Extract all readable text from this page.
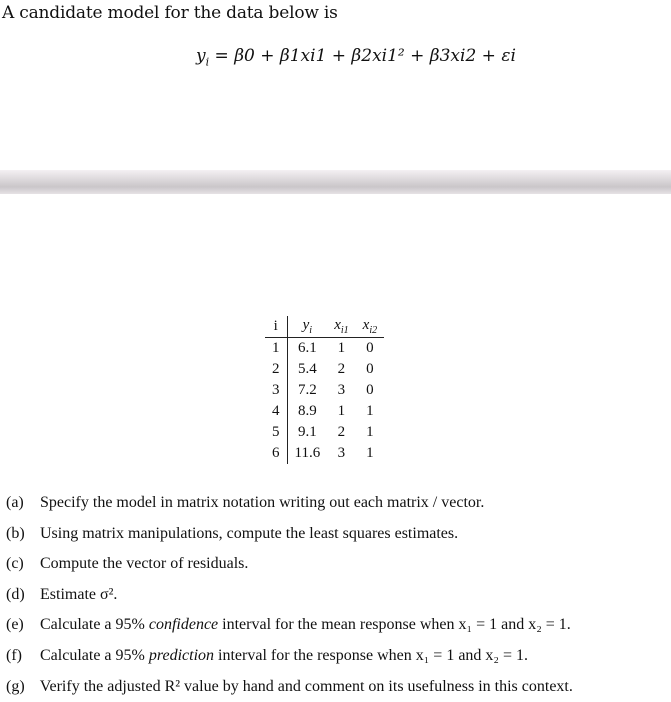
A candidate model for the data below is
$y_i = \beta 0 + \beta 1xi1 + \beta 2xi1^2 + \beta 3xi2 + \varepsilon i$
i	$y_i$	$x_{i1}$	$x_{i2}$
1	6.1	1	0
2	5.4	2	0
3	7.2	3	0
4	8.9	1	1
5	9.1	2	1
6	11.6	3	1
(a) Specify the model in matrix notation writing out each matrix / vector.
(b) Using matrix manipulations, compute the least squares estimates.
(c) Compute the vector of residuals.
(d) Estimate σ².
(e) Calculate a 95% confidence interval for the mean response when x₁ = 1 and x₂ = 1.
(f) Calculate a 95% prediction interval for the response when x₁ = 1 and x₂ = 1.
(g) Verify the adjusted R² value by hand and comment on its usefulness in this context.
